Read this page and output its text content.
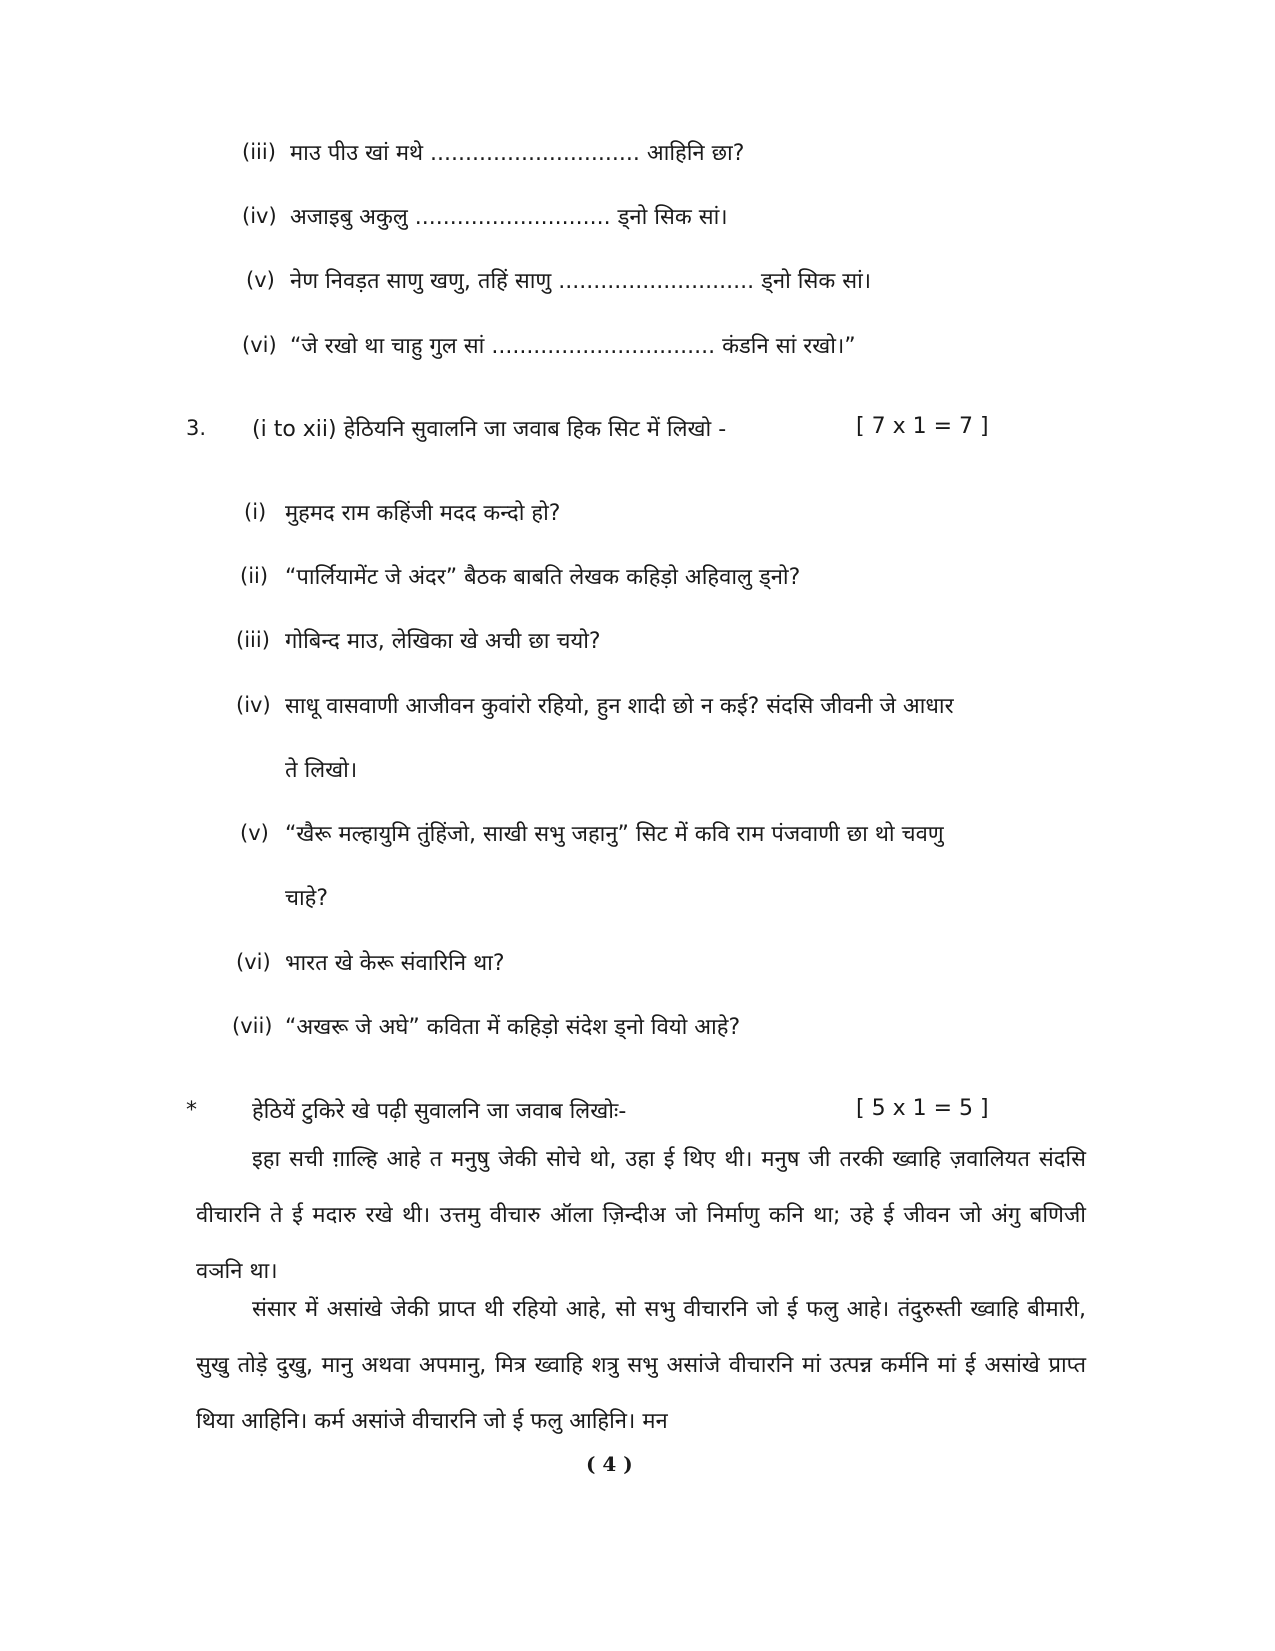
(iii) माउ पीउ खां मथे .............................. आहिनि छा?
(iv) अजाइबु अकुलु ............................ ड्नो सिक सां।
(v) नेण निवड़त साणु खणु, तहिं साणु ............................ ड्नो सिक सां।
(vi) “जे रखो था चाहु गुल सां ................................ कंडनि सां रखो।”
3. (i to xii) हेठियनि सुवालनि जा जवाब हिक सिट में लिखो -	[ 7 x 1 = 7 ]
(i) मुहमद राम कहिंजी मदद कन्दो हो?
(ii) “पार्लियामेंट जे अंदर” बैठक बाबति लेखक कहिड़ो अहिवालु ड्नो?
(iii) गोबिन्द माउ, लेखिका खे अची छा चयो?
(iv) साधू वासवाणी आजीवन कुवांरो रहियो, हुन शादी छो न कई? संदसि जीवनी जे आधार
ते लिखो।
(v) “खैरू मल्हायुमि तुंहिंजो, साखी सभु जहानु” सिट में कवि राम पंजवाणी छा थो चवणु
चाहे?
(vi) भारत खे केरू संवारिनि था?
(vii) “अखरू जे अघे” कविता में कहिड़ो संदेश ड्नो वियो आहे?
*	हेठियें टुकिरे खे पढ़ी सुवालनि जा जवाब लिखोः-	[ 5 x 1 = 5 ]
इहा सची ग़ाल्हि आहे त मनुषु जेकी सोचे थो, उहा ई थिए थी। मनुष जी तरकी ख्वाहि ज़वालियत संदसि वीचारनि ते ई मदारु रखे थी। उत्तमु वीचारु ऑला ज़िन्दीअ जो निर्माणु कनि था; उहे ई जीवन जो अंगु बणिजी वञनि था।
संसार में असांखे जेकी प्राप्त थी रहियो आहे, सो सभु वीचारनि जो ई फलु आहे। तंदुरुस्ती ख्वाहि बीमारी, सुखु तोड़े दुखु, मानु अथवा अपमानु, मित्र ख्वाहि शत्रु सभु असांजे वीचारनि मां उत्पन्न कर्मनि मां ई असांखे प्राप्त थिया आहिनि। कर्म असांजे वीचारनि जो ई फलु आहिनि। मन
( 4 )
